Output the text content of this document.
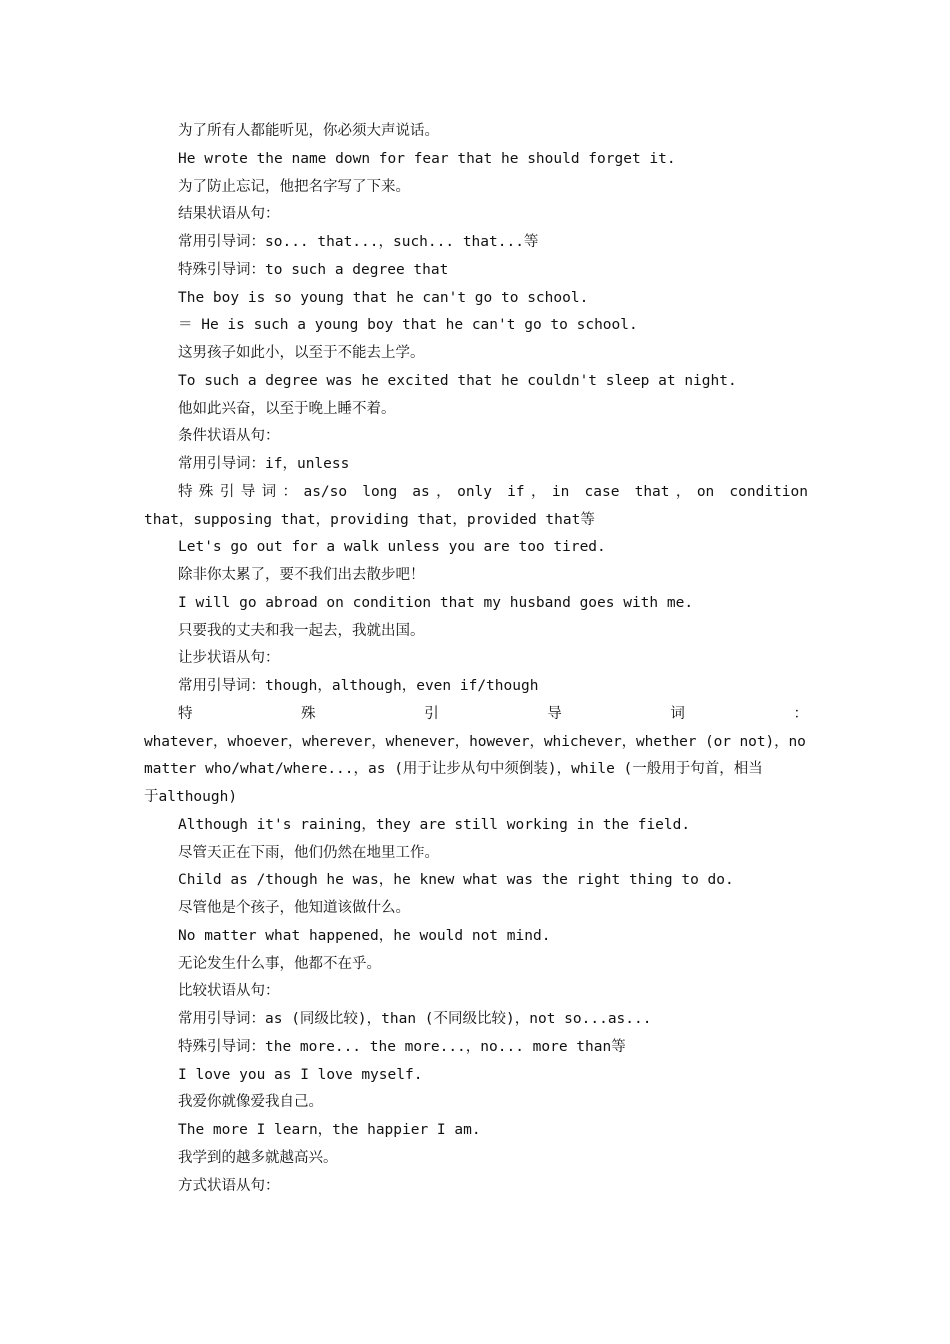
为了所有人都能听见，你必须大声说话。
He wrote the name down for fear that he should forget it.
为了防止忘记，他把名字写了下来。
结果状语从句：
常用引导词：so... that...，such... that...等
特殊引导词：to such a degree that
The boy is so young that he can't go to school.
＝ He is such a young boy that he can't go to school.
这男孩子如此小，以至于不能去上学。
To such a degree was he excited that he couldn't sleep at night.
他如此兴奋，以至于晚上睡不着。
条件状语从句：
常用引导词：if，unless
特殊引导词：as/so long as，only if，in case that，on condition
that，supposing that，providing that，provided that等
Let's go out for a walk unless you are too tired.
除非你太累了，要不我们出去散步吧！
I will go abroad on condition that my husband goes with me.
只要我的丈夫和我一起去，我就出国。
让步状语从句：
常用引导词：though，although，even if/though
特殊引导词：
whatever，whoever，wherever，whenever，however，whichever，whether (or not)，no
matter who/what/where...，as (用于让步从句中须倒装)，while (一般用于句首，相当
于although)
Although it's raining，they are still working in the field.
尽管天正在下雨，他们仍然在地里工作。
Child as /though he was，he knew what was the right thing to do.
尽管他是个孩子，他知道该做什么。
No matter what happened，he would not mind.
无论发生什么事，他都不在乎。
比较状语从句：
常用引导词：as (同级比较)，than (不同级比较)，not so...as...
特殊引导词：the more... the more...，no... more than等
I love you as I love myself.
我爱你就像爱我自己。
The more I learn，the happier I am.
我学到的越多就越高兴。
方式状语从句：
